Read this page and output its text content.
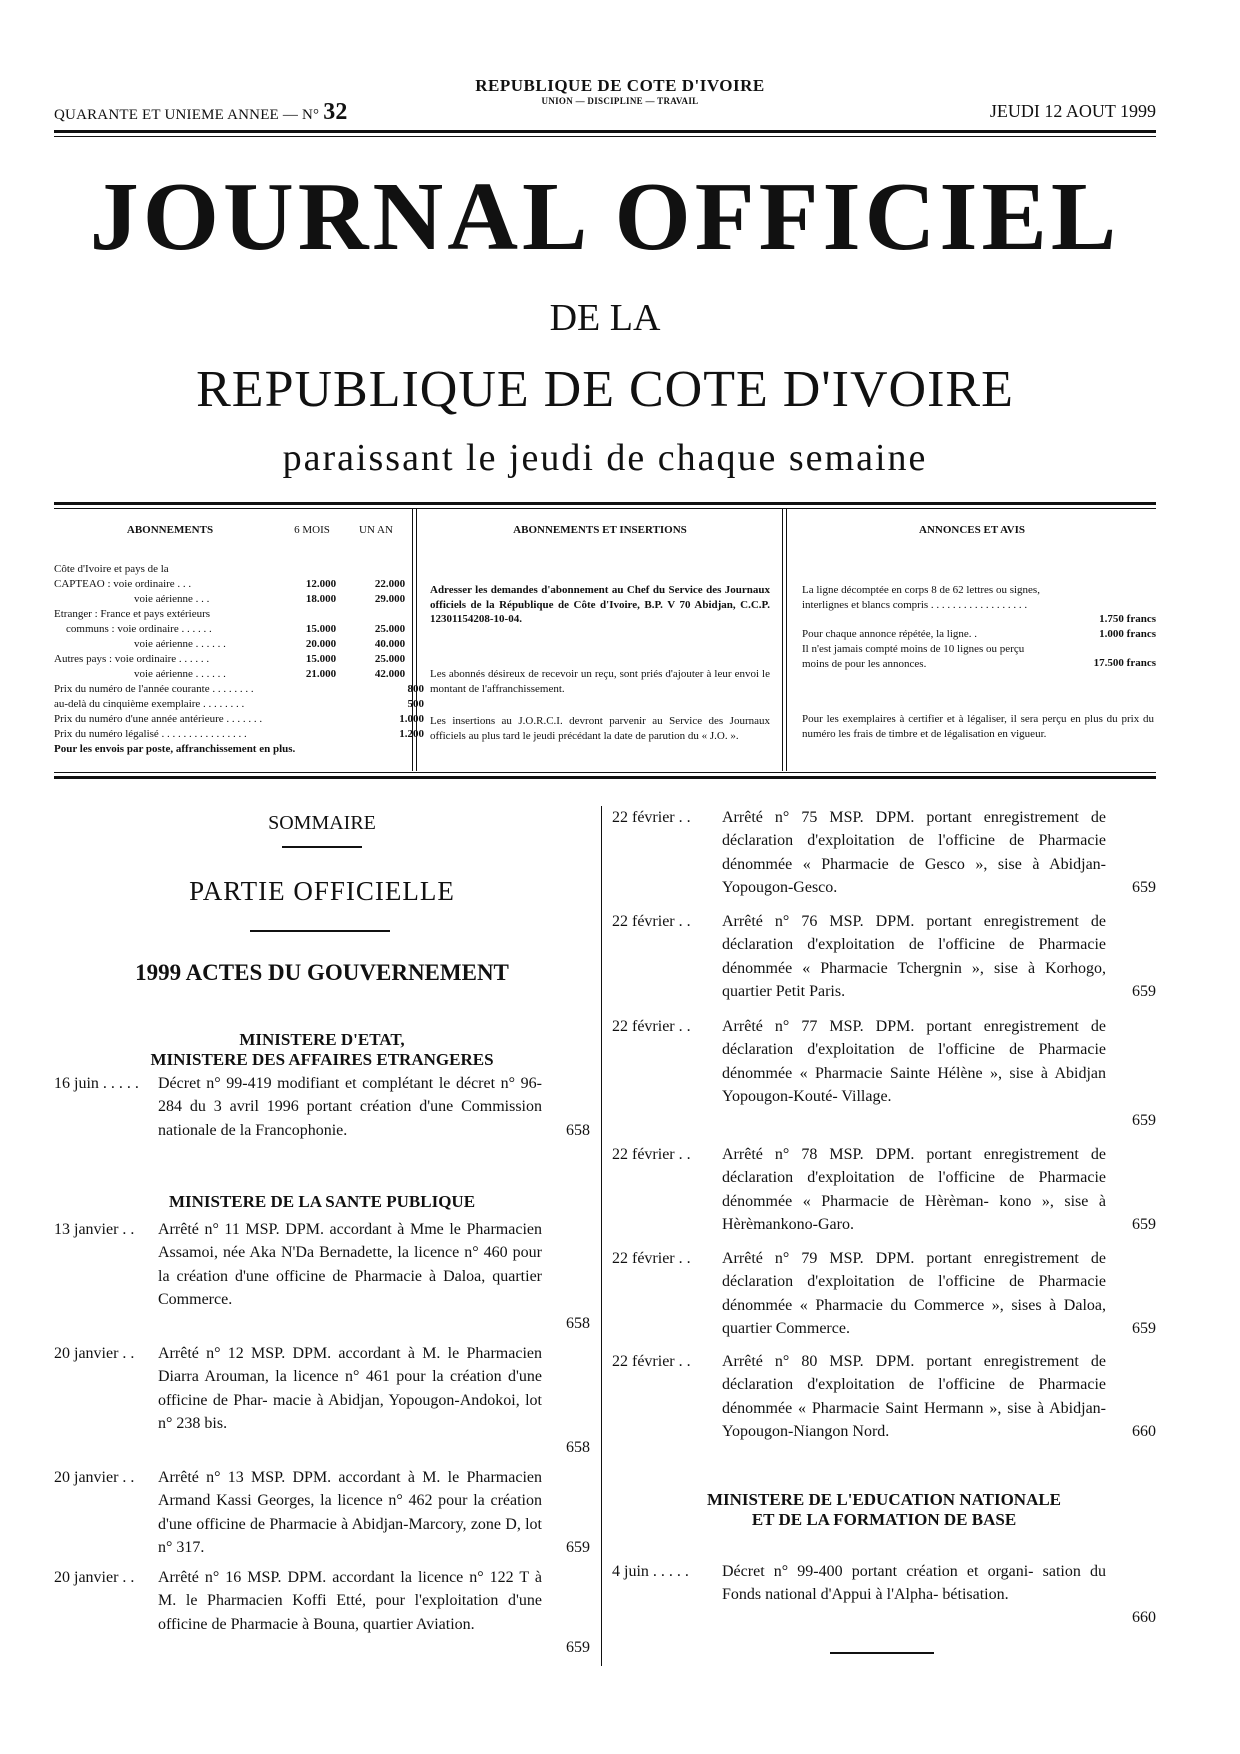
QUARANTE ET UNIEME ANNEE — N° 32
REPUBLIQUE DE COTE D'IVOIRE
UNION — DISCIPLINE — TRAVAIL	JEUDI 12 AOUT 1999
JOURNAL OFFICIEL
DE LA
REPUBLIQUE DE COTE D'IVOIRE
paraissant le jeudi de chaque semaine
ABONNEMENTS	6 MOIS	UN AN
Côte d'Ivoire et pays de la
CAPTEAO : voie ordinaire . . .	12.000	22.000
voie aérienne . . .	18.000	29.000
Etranger : France et pays extérieurs
communs : voie ordinaire . . . . . .	15.000	25.000
voie aérienne . . . . . .	20.000	40.000
Autres pays : voie ordinaire . . . . . .	15.000	25.000
voie aérienne . . . . . .	21.000	42.000
Prix du numéro de l'année courante . . . . . . . .	800
au-delà du cinquième exemplaire . . . . . . . .	500
Prix du numéro d'une année antérieure . . . . . . .	1.000
Prix du numéro légalisé . . . . . . . . . . . . . . . .	1.200
Pour les envois par poste, affranchissement en plus.
ABONNEMENTS ET INSERTIONS
Adresser les demandes d'abonnement au Chef du Service des Journaux officiels de la République de Côte d'Ivoire, B.P. V 70 Abidjan, C.C.P. 12301154208-10-04.
Les abonnés désireux de recevoir un reçu, sont priés d'ajouter à leur envoi le montant de l'affranchissement.
Les insertions au J.O.R.C.I. devront parvenir au Service des Journaux officiels au plus tard le jeudi précédant la date de parution du « J.O. ».
ANNONCES ET AVIS
La ligne décomptée en corps 8 de 62 lettres ou signes, interlignes et blancs compris . . . . . . . . . . . . . . . . . .
1.750 francs
Pour chaque annonce répétée, la ligne. .	1.000 francs
Il n'est jamais compté moins de 10 lignes ou perçu moins de pour les annonces.	17.500 francs
Pour les exemplaires à certifier et à légaliser, il sera perçu en plus du prix du numéro les frais de timbre et de légalisation en vigueur.
SOMMAIRE
PARTIE OFFICIELLE
1999 ACTES DU GOUVERNEMENT
MINISTERE D'ETAT,
MINISTERE DES AFFAIRES ETRANGERES
16 juin . . . . . Décret n° 99-419 modifiant et complétant le décret n° 96-284 du 3 avril 1996 portant création d'une Commission nationale de la Francophonie.	658
MINISTERE DE LA SANTE PUBLIQUE
13 janvier . . Arrêté n° 11 MSP. DPM. accordant à Mme le Pharmacien Assamoi, née Aka N'Da Bernadette, la licence n° 460 pour la création d'une officine de Pharmacie à Daloa, quartier Commerce.
658
20 janvier . . Arrêté n° 12 MSP. DPM. accordant à M. le Pharmacien Diarra Arouman, la licence n° 461 pour la création d'une officine de Phar- macie à Abidjan, Yopougon-Andokoi, lot n° 238 bis.
658
20 janvier . . Arrêté n° 13 MSP. DPM. accordant à M. le Pharmacien Armand Kassi Georges, la licence n° 462 pour la création d'une officine de Pharmacie à Abidjan-Marcory, zone D, lot n° 317.	659
20 janvier . . Arrêté n° 16 MSP. DPM. accordant la licence n° 122 T à M. le Pharmacien Koffi Etté, pour l'exploitation d'une officine de Pharmacie à Bouna, quartier Aviation.
659
22 février . . Arrêté n° 75 MSP. DPM. portant enregistrement de déclaration d'exploitation de l'officine de Pharmacie dénommée « Pharmacie de Gesco », sise à Abidjan-Yopougon-Gesco.	659
22 février . . Arrêté n° 76 MSP. DPM. portant enregistrement de déclaration d'exploitation de l'officine de Pharmacie dénommée « Pharmacie Tchergnin », sise à Korhogo, quartier Petit Paris.	659
22 février . . Arrêté n° 77 MSP. DPM. portant enregistrement de déclaration d'exploitation de l'officine de Pharmacie dénommée « Pharmacie Sainte Hélène », sise à Abidjan Yopougon-Kouté- Village.
659
22 février . . Arrêté n° 78 MSP. DPM. portant enregistrement de déclaration d'exploitation de l'officine de Pharmacie dénommée « Pharmacie de Hèrèman- kono », sise à Hèrèmankono-Garo.	659
22 février . . Arrêté n° 79 MSP. DPM. portant enregistrement de déclaration d'exploitation de l'officine de Pharmacie dénommée « Pharmacie du Commerce », sises à Daloa, quartier Commerce.	659
22 février . . Arrêté n° 80 MSP. DPM. portant enregistrement de déclaration d'exploitation de l'officine de Pharmacie dénommée « Pharmacie Saint Hermann », sise à Abidjan-Yopougon-Niangon Nord.	660
MINISTERE DE L'EDUCATION NATIONALE
ET DE LA FORMATION DE BASE
4 juin . . . . . Décret n° 99-400 portant création et organi- sation du Fonds national d'Appui à l'Alpha- bétisation.
660
